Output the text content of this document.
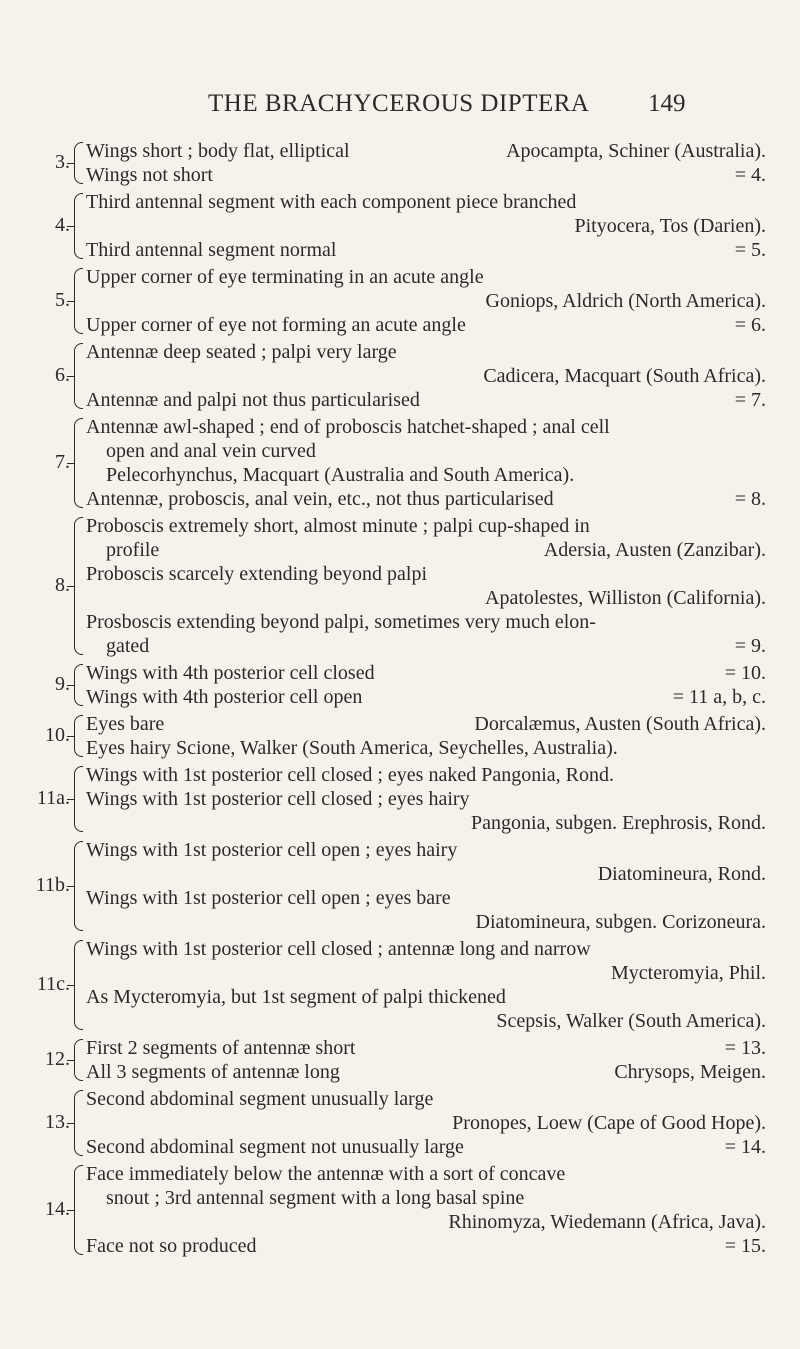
THE BRACHYCEROUS DIPTERA 149
3. Wings short ; body flat, elliptical	Apocampta, Schiner (Australia).
Wings not short	= 4.
4.
Third antennal segment with each component piece branched
Pityocera, Tos (Darien).
Third antennal segment normal	= 5.
5.
Upper corner of eye terminating in an acute angle
Goniops, Aldrich (North America).
Upper corner of eye not forming an acute angle	= 6.
6.
Antennæ deep seated ; palpi very large
Cadicera, Macquart (South Africa).
Antennæ and palpi not thus particularised	= 7.
7.
Antennæ awl-shaped ; end of proboscis hatchet-shaped ; anal cell
open and anal vein curved
Pelecorhynchus, Macquart (Australia and South America).
Antennæ, proboscis, anal vein, etc., not thus particularised	= 8.
8.
Proboscis extremely short, almost minute ; palpi cup-shaped in
profile	Adersia, Austen (Zanzibar).
Proboscis scarcely extending beyond palpi
Apatolestes, Williston (California).
Prosboscis extending beyond palpi, sometimes very much elon-
gated	= 9.
9. Wings with 4th posterior cell closed	= 10.
Wings with 4th posterior cell open	= 11 a, b, c.
10. Eyes bare	Dorcalæmus, Austen (South Africa).
Eyes hairy Scione, Walker (South America, Seychelles, Australia).
11a.
Wings with 1st posterior cell closed ; eyes naked Pangonia, Rond.
Wings with 1st posterior cell closed ; eyes hairy
Pangonia, subgen. Erephrosis, Rond.
11b.
Wings with 1st posterior cell open ; eyes hairy
Diatomineura, Rond.
Wings with 1st posterior cell open ; eyes bare
Diatomineura, subgen. Corizoneura.
11c.
Wings with 1st posterior cell closed ; antennæ long and narrow
Mycteromyia, Phil.
As Mycteromyia, but 1st segment of palpi thickened
Scepsis, Walker (South America).
12. First 2 segments of antennæ short	= 13.
All 3 segments of antennæ long	Chrysops, Meigen.
13.
Second abdominal segment unusually large
Pronopes, Loew (Cape of Good Hope).
Second abdominal segment not unusually large	= 14.
14.
Face immediately below the antennæ with a sort of concave
snout ; 3rd antennal segment with a long basal spine
Rhinomyza, Wiedemann (Africa, Java).
Face not so produced	= 15.
